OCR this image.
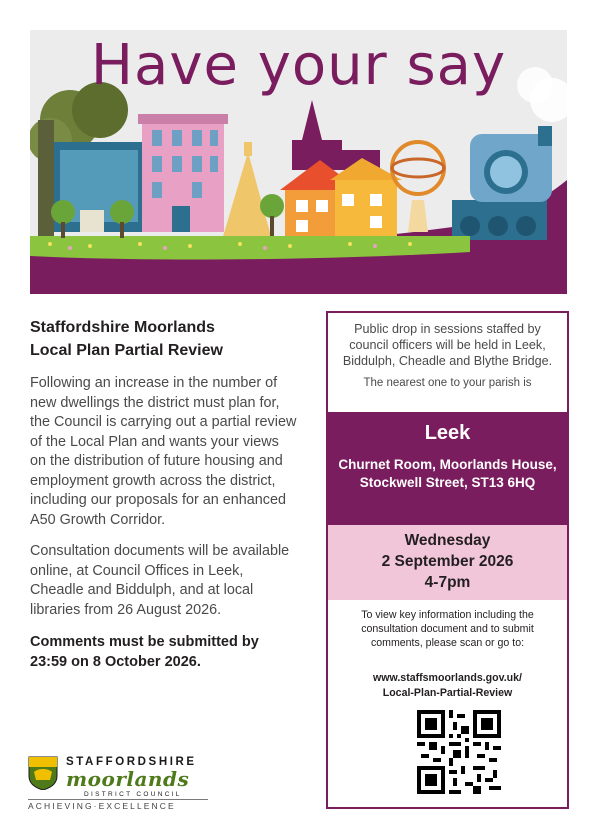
Have your say
Staffordshire Moorlands
Local Plan Partial Review

Following an increase in the number of new dwellings the district must plan for, the Council is carrying out a partial review of the Local Plan and wants your views on the distribution of future housing and employment growth across the district, including our proposals for an enhanced A50 Growth Corridor.

Consultation documents will be available online, at Council Offices in Leek, Cheadle and Biddulph, and at local libraries from 26 August 2026.

Comments must be submitted by 23:59 on 8 October 2026.

STAFFORDSHIRE
moorlands
DISTRICT COUNCIL
ACHIEVING·EXCELLENCE
Public drop in sessions staffed by council officers will be held in Leek, Biddulph, Cheadle and Blythe Bridge.
The nearest one to your parish is
Leek
Churnet Room, Moorlands House, Stockwell Street, ST13 6HQ
Wednesday
2 September 2026
4-7pm
To view key information including the consultation document and to submit comments, please scan or go to:
www.staffsmoorlands.gov.uk/
Local-Plan-Partial-Review
